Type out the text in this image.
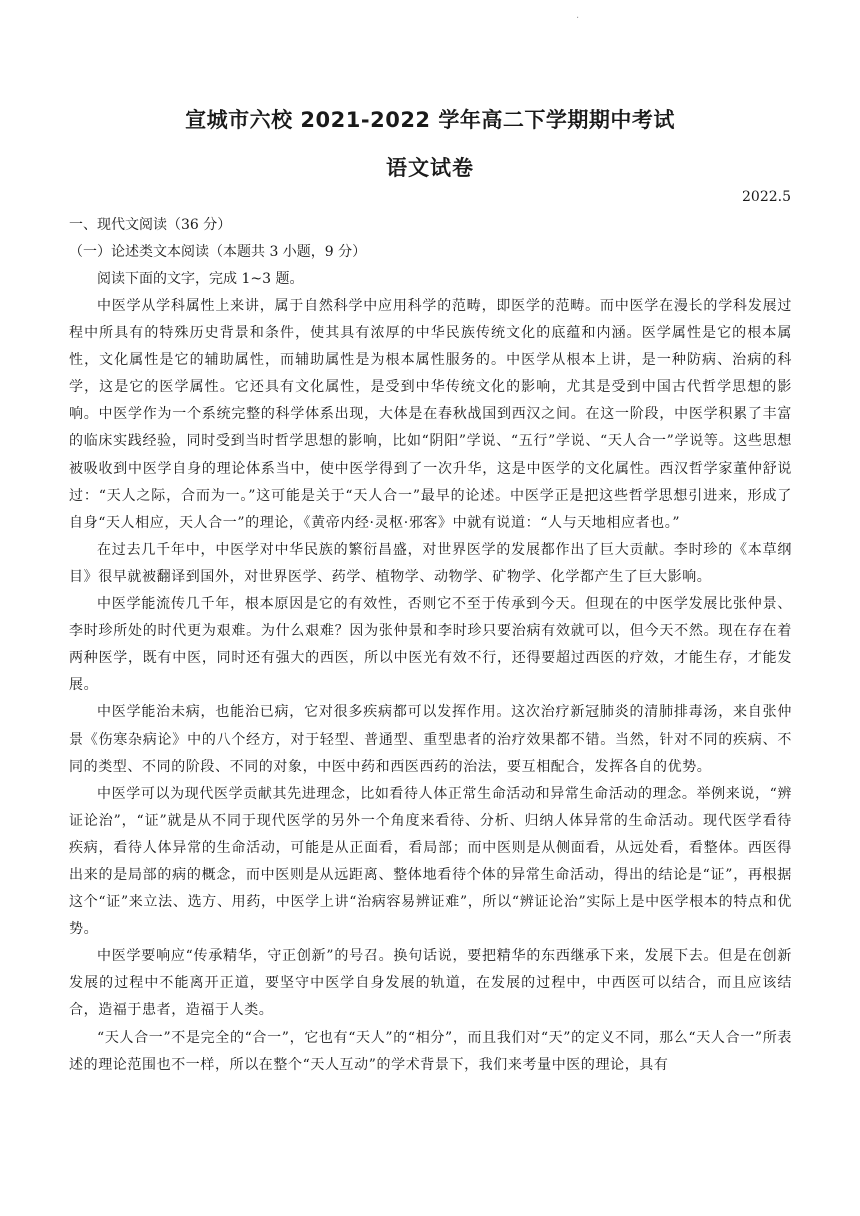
.
宣城市六校 2021-2022 学年高二下学期期中考试
语文试卷
2022.5
一、现代文阅读（36 分）
（一）论述类文本阅读（本题共 3 小题，9 分）
阅读下面的文字，完成 1~3 题。

中医学从学科属性上来讲，属于自然科学中应用科学的范畴，即医学的范畴。而中医学在漫长的学科发展过程中所具有的特殊历史背景和条件，使其具有浓厚的中华民族传统文化的底蕴和内涵。医学属性是它的根本属性，文化属性是它的辅助属性，而辅助属性是为根本属性服务的。中医学从根本上讲，是一种防病、治病的科学，这是它的医学属性。它还具有文化属性，是受到中华传统文化的影响，尤其是受到中国古代哲学思想的影响。中医学作为一个系统完整的科学体系出现，大体是在春秋战国到西汉之间。在这一阶段，中医学积累了丰富的临床实践经验，同时受到当时哲学思想的影响，比如“阴阳”学说、“五行”学说、“天人合一”学说等。这些思想被吸收到中医学自身的理论体系当中，使中医学得到了一次升华，这是中医学的文化属性。西汉哲学家董仲舒说过：“天人之际，合而为一。”这可能是关于“天人合一”最早的论述。中医学正是把这些哲学思想引进来，形成了自身“天人相应，天人合一”的理论，《黄帝内经·灵枢·邪客》中就有说道：“人与天地相应者也。”

在过去几千年中，中医学对中华民族的繁衍昌盛，对世界医学的发展都作出了巨大贡献。李时珍的《本草纲目》很早就被翻译到国外，对世界医学、药学、植物学、动物学、矿物学、化学都产生了巨大影响。

中医学能流传几千年，根本原因是它的有效性，否则它不至于传承到今天。但现在的中医学发展比张仲景、李时珍所处的时代更为艰难。为什么艰难？因为张仲景和李时珍只要治病有效就可以，但今天不然。现在存在着两种医学，既有中医，同时还有强大的西医，所以中医光有效不行，还得要超过西医的疗效，才能生存，才能发展。

中医学能治未病，也能治已病，它对很多疾病都可以发挥作用。这次治疗新冠肺炎的清肺排毒汤，来自张仲景《伤寒杂病论》中的八个经方，对于轻型、普通型、重型患者的治疗效果都不错。当然，针对不同的疾病、不同的类型、不同的阶段、不同的对象，中医中药和西医西药的治法，要互相配合，发挥各自的优势。

中医学可以为现代医学贡献其先进理念，比如看待人体正常生命活动和异常生命活动的理念。举例来说，“辨证论治”，“证”就是从不同于现代医学的另外一个角度来看待、分析、归纳人体异常的生命活动。现代医学看待疾病，看待人体异常的生命活动，可能是从正面看，看局部；而中医则是从侧面看，从远处看，看整体。西医得出来的是局部的病的概念，而中医则是从远距离、整体地看待个体的异常生命活动，得出的结论是“证”，再根据这个“证”来立法、选方、用药，中医学上讲“治病容易辨证难”，所以“辨证论治”实际上是中医学根本的特点和优势。

中医学要响应“传承精华，守正创新”的号召。换句话说，要把精华的东西继承下来，发展下去。但是在创新发展的过程中不能离开正道，要坚守中医学自身发展的轨道，在发展的过程中，中西医可以结合，而且应该结合，造福于患者，造福于人类。

“天人合一”不是完全的“合一”，它也有“天人”的“相分”，而且我们对“天”的定义不同，那么“天人合一”所表述的理论范围也不一样，所以在整个“天人互动”的学术背景下，我们来考量中医的理论，具有
